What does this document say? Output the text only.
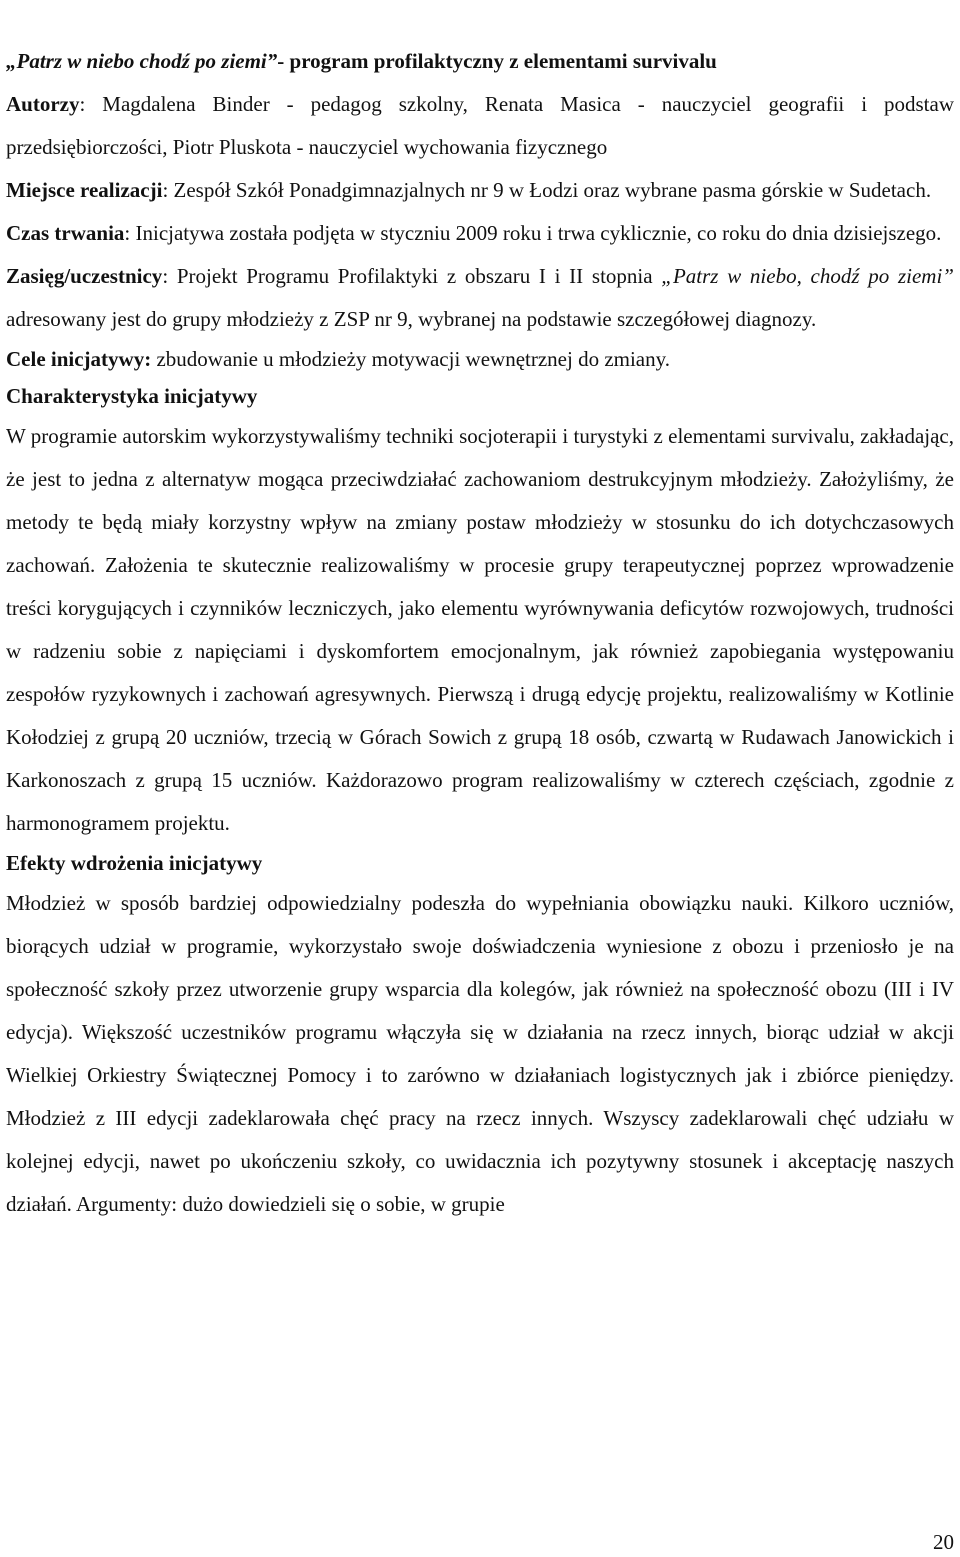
„Patrz w niebo chodź po ziemi”- program profilaktyczny z elementami survivalu

Autorzy: Magdalena Binder - pedagog szkolny, Renata Masica - nauczyciel geografii i podstaw przedsiębiorczości, Piotr Pluskota - nauczyciel wychowania fizycznego

Miejsce realizacji: Zespół Szkół Ponadgimnazjalnych nr 9 w Łodzi oraz wybrane pasma górskie w Sudetach.

Czas trwania: Inicjatywa została podjęta w styczniu 2009 roku i trwa cyklicznie, co roku do dnia dzisiejszego.

Zasięg/uczestnicy: Projekt Programu Profilaktyki z obszaru I i II stopnia „Patrz w niebo, chodź po ziemi” adresowany jest do grupy młodzieży z ZSP nr 9, wybranej na podstawie szczegółowej diagnozy.

Cele inicjatywy: zbudowanie u młodzieży motywacji wewnętrznej do zmiany.

Charakterystyka inicjatywy

W programie autorskim wykorzystywaliśmy techniki socjoterapii i turystyki z elementami survivalu, zakładając, że jest to jedna z alternatyw mogąca przeciwdziałać zachowaniom destrukcyjnym młodzieży. Założyliśmy, że metody te będą miały korzystny wpływ na zmiany postaw młodzieży w stosunku do ich dotychczasowych zachowań. Założenia te skutecznie realizowaliśmy w procesie grupy terapeutycznej poprzez wprowadzenie treści korygujących i czynników leczniczych, jako elementu wyrównywania deficytów rozwojowych, trudności w radzeniu sobie z napięciami i dyskomfortem emocjonalnym, jak również zapobiegania występowaniu zespołów ryzykownych i zachowań agresywnych. Pierwszą i drugą edycję projektu, realizowaliśmy w Kotlinie Kołodziej z grupą 20 uczniów, trzecią w Górach Sowich z grupą 18 osób, czwartą w Rudawach Janowickich i Karkonoszach z grupą 15 uczniów. Każdorazowo program realizowaliśmy w czterech częściach, zgodnie z harmonogramem projektu.

Efekty wdrożenia inicjatywy

Młodzież w sposób bardziej odpowiedzialny podeszła do wypełniania obowiązku nauki. Kilkoro uczniów, biorących udział w programie, wykorzystało swoje doświadczenia wyniesione z obozu i przeniosło je na społeczność szkoły przez utworzenie grupy wsparcia dla kolegów, jak również na społeczność obozu (III i IV edycja). Większość uczestników programu włączyła się w działania na rzecz innych, biorąc udział w akcji Wielkiej Orkiestry Świątecznej Pomocy i to zarówno w działaniach logistycznych jak i zbiórce pieniędzy. Młodzież z III edycji zadeklarowała chęć pracy na rzecz innych. Wszyscy zadeklarowali chęć udziału w kolejnej edycji, nawet po ukończeniu szkoły, co uwidacznia ich pozytywny stosunek i akceptację naszych działań. Argumenty: dużo dowiedzieli się o sobie, w grupie

20
